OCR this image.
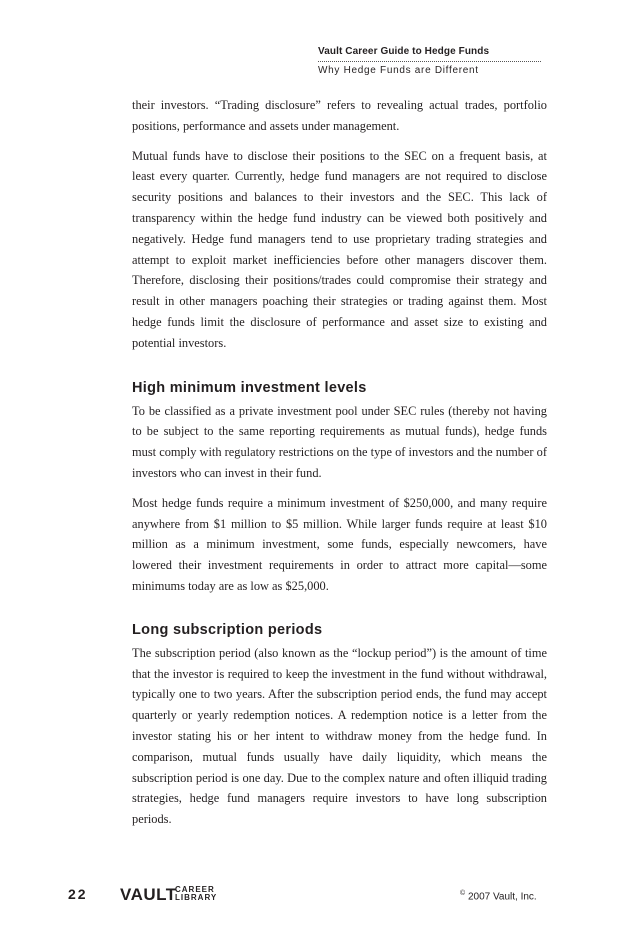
Vault Career Guide to Hedge Funds
Why Hedge Funds are Different

their investors. “Trading disclosure” refers to revealing actual trades, portfolio positions, performance and assets under management.

Mutual funds have to disclose their positions to the SEC on a frequent basis, at least every quarter. Currently, hedge fund managers are not required to disclose security positions and balances to their investors and the SEC. This lack of transparency within the hedge fund industry can be viewed both positively and negatively. Hedge fund managers tend to use proprietary trading strategies and attempt to exploit market inefficiencies before other managers discover them. Therefore, disclosing their positions/trades could compromise their strategy and result in other managers poaching their strategies or trading against them. Most hedge funds limit the disclosure of performance and asset size to existing and potential investors.

High minimum investment levels

To be classified as a private investment pool under SEC rules (thereby not having to be subject to the same reporting requirements as mutual funds), hedge funds must comply with regulatory restrictions on the type of investors and the number of investors who can invest in their fund.

Most hedge funds require a minimum investment of $250,000, and many require anywhere from $1 million to $5 million. While larger funds require at least $10 million as a minimum investment, some funds, especially newcomers, have lowered their investment requirements in order to attract more capital—some minimums today are as low as $25,000.

Long subscription periods

The subscription period (also known as the “lockup period”) is the amount of time that the investor is required to keep the investment in the fund without withdrawal, typically one to two years. After the subscription period ends, the fund may accept quarterly or yearly redemption notices. A redemption notice is a letter from the investor stating his or her intent to withdraw money from the hedge fund. In comparison, mutual funds usually have daily liquidity, which means the subscription period is one day. Due to the complex nature and often illiquid trading strategies, hedge fund managers require investors to have long subscription periods.

22 VAULT
CAREER
LIBRARY	© 2007 Vault, Inc.
